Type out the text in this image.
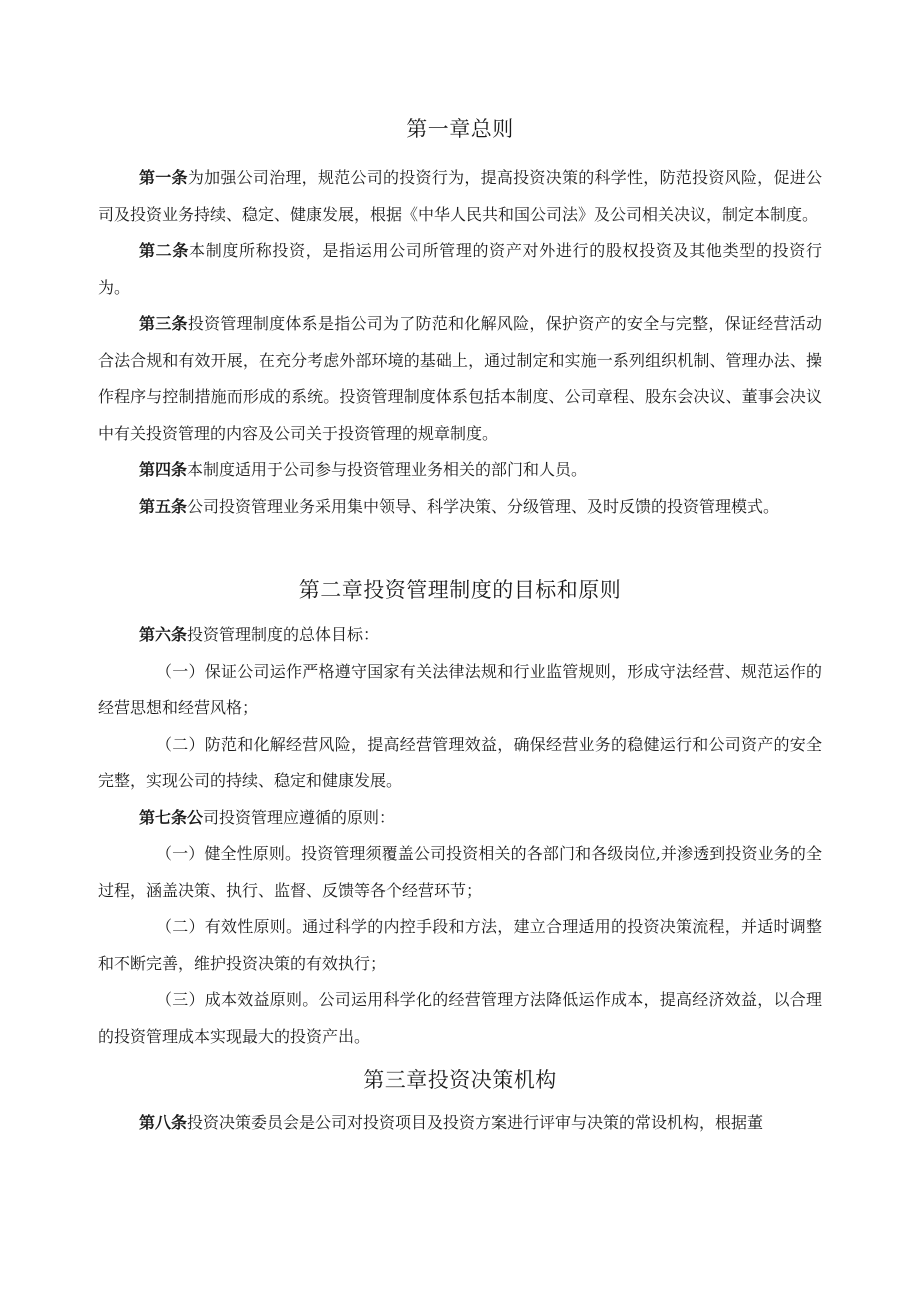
第一章总则

第一条为加强公司治理，规范公司的投资行为，提高投资决策的科学性，防范投资风险，促进公司及投资业务持续、稳定、健康发展，根据《中华人民共和国公司法》及公司相关决议，制定本制度。

第二条本制度所称投资，是指运用公司所管理的资产对外进行的股权投资及其他类型的投资行为。

第三条投资管理制度体系是指公司为了防范和化解风险，保护资产的安全与完整，保证经营活动合法合规和有效开展，在充分考虑外部环境的基础上，通过制定和实施一系列组织机制、管理办法、操作程序与控制措施而形成的系统。投资管理制度体系包括本制度、公司章程、股东会决议、董事会决议中有关投资管理的内容及公司关于投资管理的规章制度。

第四条本制度适用于公司参与投资管理业务相关的部门和人员。

第五条公司投资管理业务采用集中领导、科学决策、分级管理、及时反馈的投资管理模式。

第二章投资管理制度的目标和原则

第六条投资管理制度的总体目标：

（一）保证公司运作严格遵守国家有关法律法规和行业监管规则，形成守法经营、规范运作的经营思想和经营风格；

（二）防范和化解经营风险，提高经营管理效益，确保经营业务的稳健运行和公司资产的安全完整，实现公司的持续、稳定和健康发展。

第七条公司投资管理应遵循的原则：

（一）健全性原则。投资管理须覆盖公司投资相关的各部门和各级岗位,并渗透到投资业务的全过程，涵盖决策、执行、监督、反馈等各个经营环节；

（二）有效性原则。通过科学的内控手段和方法，建立合理适用的投资决策流程，并适时调整和不断完善，维护投资决策的有效执行；

（三）成本效益原则。公司运用科学化的经营管理方法降低运作成本，提高经济效益，以合理的投资管理成本实现最大的投资产出。

第三章投资决策机构

第八条投资决策委员会是公司对投资项目及投资方案进行评审与决策的常设机构，根据董
